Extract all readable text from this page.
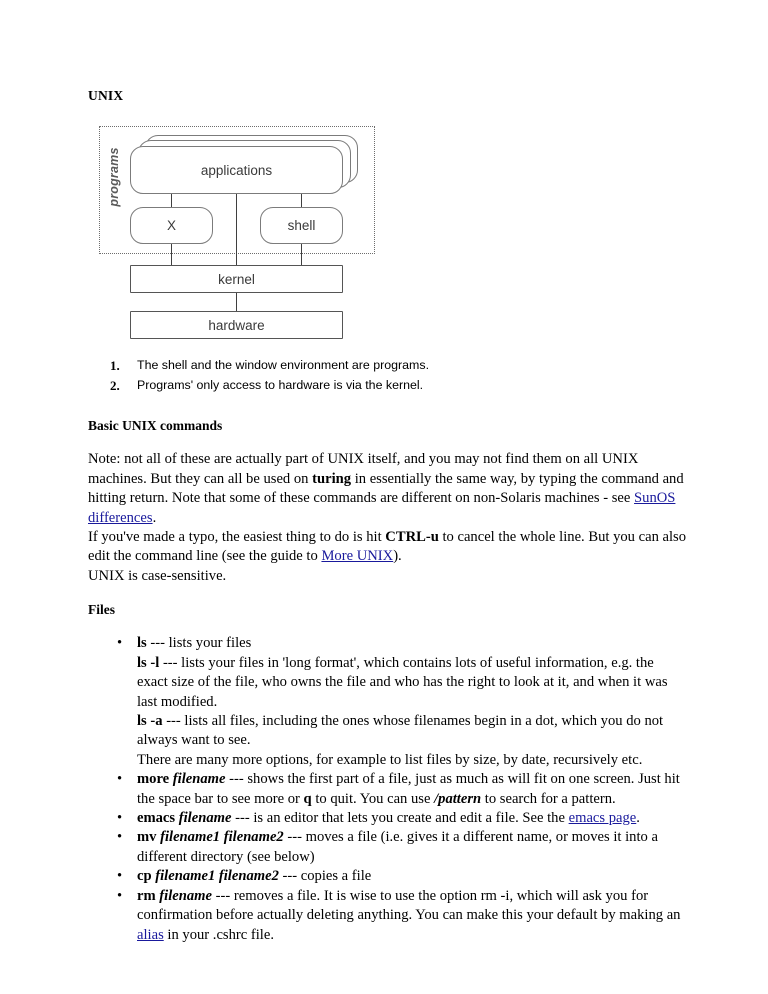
UNIX
programs	applications
X	shell
kernel
hardware
1. The shell and the window environment are programs.
2. Programs' only access to hardware is via the kernel.
Basic UNIX commands

Note: not all of these are actually part of UNIX itself, and you may not find them on all UNIX machines. But they can all be used on turing in essentially the same way, by typing the command and hitting return. Note that some of these commands are different on non-Solaris machines - see SunOS differences.

If you've made a typo, the easiest thing to do is hit CTRL-u to cancel the whole line. But you can also edit the command line (see the guide to More UNIX).

UNIX is case-sensitive.

Files
• ls --- lists your files
ls -l --- lists your files in 'long format', which contains lots of useful information, e.g. the exact size of the file, who owns the file and who has the right to look at it, and when it was last modified.
ls -a --- lists all files, including the ones whose filenames begin in a dot, which you do not always want to see.
There are many more options, for example to list files by size, by date, recursively etc.
• more filename --- shows the first part of a file, just as much as will fit on one screen. Just hit the space bar to see more or q to quit. You can use /pattern to search for a pattern.
• emacs filename --- is an editor that lets you create and edit a file. See the emacs page.
• mv filename1 filename2 --- moves a file (i.e. gives it a different name, or moves it into a different directory (see below)
• cp filename1 filename2 --- copies a file
• rm filename --- removes a file. It is wise to use the option rm -i, which will ask you for confirmation before actually deleting anything. You can make this your default by making an alias in your .cshrc file.
